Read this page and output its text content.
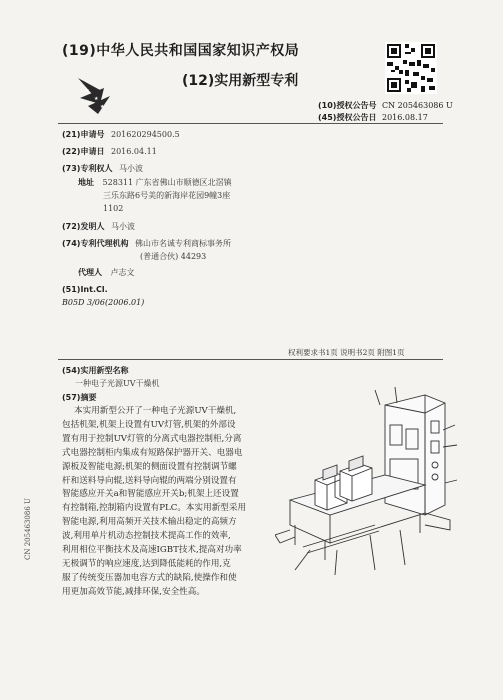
(19)中华人民共和国国家知识产权局
★
★
★
(12)实用新型专利
(10)授权公告号 CN 205463086 U
(45)授权公告日 2016.08.17
(21)申请号 201620294500.5
(22)申请日 2016.04.11
(73)专利权人 马小波
地址 528311 广东省佛山市顺德区北滘镇
三乐东路6号美的新海岸花园9幢3座
1102
(72)发明人 马小波
(74)专利代理机构 佛山市名诚专利商标事务所
(普通合伙) 44293
代理人 卢志文
(51)Int.Cl.
B05D 3/06(2006.01)
权利要求书1页 说明书2页 附图1页
(54)实用新型名称
一种电子光源UV干燥机
(57)摘要
本实用新型公开了一种电子光源UV干燥机,
包括机架,机架上设置有UV灯管,机架的外部设
置有用于控制UV灯管的分离式电器控制柜,分离
式电器控制柜内集成有短路保护器开关、电器电
源板及智能电源;机架的侧面设置有控制调节螺
杆和送料导向辊,送料导向辊的两端分别设置有
智能感应开关a和智能感应开关b;机架上还设置
有控制箱,控制箱内设置有PLC。本实用新型采用
智能电源,利用高频开关技术输出稳定的高频方
波,利用单片机动态控制技术提高工作的效率,
利用相位平衡技术及高速IGBT技术,提高对功率
无极调节的响应速度,达到降低能耗的作用,克
服了传统变压器加电容方式的缺陷,使操作和使
用更加高效节能,减排环保,安全性高。
CN 205463086 U
